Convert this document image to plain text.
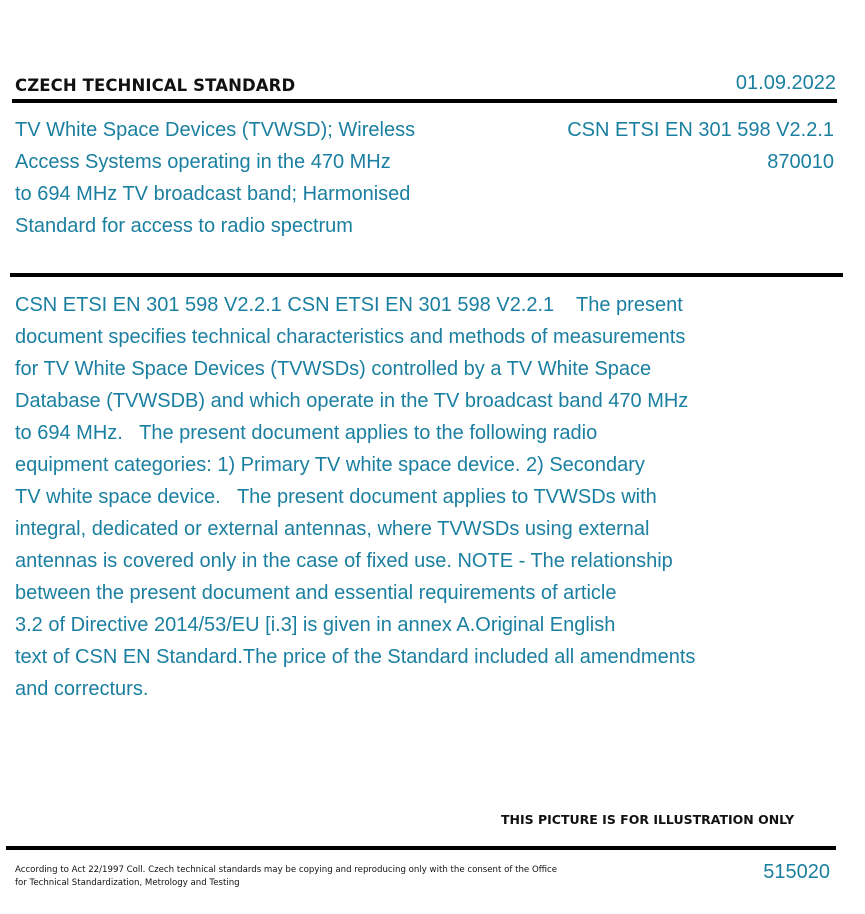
CZECH TECHNICAL STANDARD	01.09.2022
TV White Space Devices (TVWSD); Wireless
Access Systems operating in the 470 MHz
to 694 MHz TV broadcast band; Harmonised
Standard for access to radio spectrum
CSN ETSI EN 301 598 V2.2.1
870010
CSN ETSI EN 301 598 V2.2.1 CSN ETSI EN 301 598 V2.2.1    The present
document specifies technical characteristics and methods of measurements
for TV White Space Devices (TVWSDs) controlled by a TV White Space
Database (TVWSDB) and which operate in the TV broadcast band 470 MHz
to 694 MHz.   The present document applies to the following radio
equipment categories: 1) Primary TV white space device. 2) Secondary
TV white space device.   The present document applies to TVWSDs with
integral, dedicated or external antennas, where TVWSDs using external
antennas is covered only in the case of fixed use. NOTE - The relationship
between the present document and essential requirements of article
3.2 of Directive 2014/53/EU [i.3] is given in annex A.Original English
text of CSN EN Standard.The price of the Standard included all amendments
and correcturs.
THIS PICTURE IS FOR ILLUSTRATION ONLY
According to Act 22/1997 Coll. Czech technical standards may be copying and reproducing only with the consent of the Office
for Technical Standardization, Metrology and Testing	515020
